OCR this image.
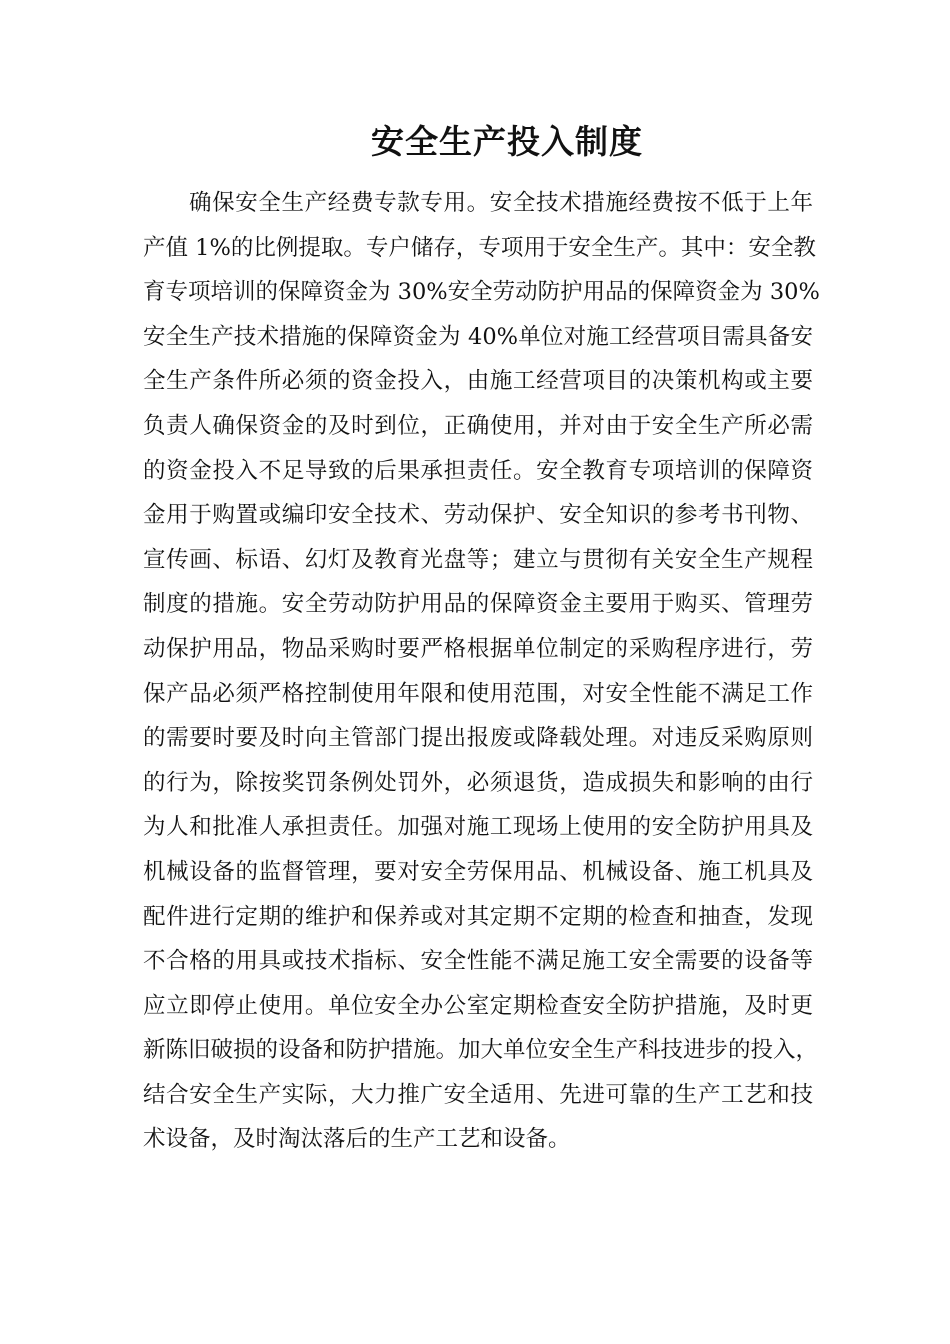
安全生产投入制度
确保安全生产经费专款专用。安全技术措施经费按不低于上年
产值 1%的比例提取。专户储存，专项用于安全生产。其中：安全教
育专项培训的保障资金为 30%安全劳动防护用品的保障资金为 30%
安全生产技术措施的保障资金为 40%单位对施工经营项目需具备安
全生产条件所必须的资金投入，由施工经营项目的决策机构或主要
负责人确保资金的及时到位，正确使用，并对由于安全生产所必需
的资金投入不足导致的后果承担责任。安全教育专项培训的保障资
金用于购置或编印安全技术、劳动保护、安全知识的参考书刊物、
宣传画、标语、幻灯及教育光盘等；建立与贯彻有关安全生产规程
制度的措施。安全劳动防护用品的保障资金主要用于购买、管理劳
动保护用品，物品采购时要严格根据单位制定的采购程序进行，劳
保产品必须严格控制使用年限和使用范围，对安全性能不满足工作
的需要时要及时向主管部门提出报废或降载处理。对违反采购原则
的行为，除按奖罚条例处罚外，必须退货，造成损失和影响的由行
为人和批准人承担责任。加强对施工现场上使用的安全防护用具及
机械设备的监督管理，要对安全劳保用品、机械设备、施工机具及
配件进行定期的维护和保养或对其定期不定期的检查和抽查，发现
不合格的用具或技术指标、安全性能不满足施工安全需要的设备等
应立即停止使用。单位安全办公室定期检查安全防护措施，及时更
新陈旧破损的设备和防护措施。加大单位安全生产科技进步的投入，
结合安全生产实际，大力推广安全适用、先进可靠的生产工艺和技
术设备，及时淘汰落后的生产工艺和设备。
